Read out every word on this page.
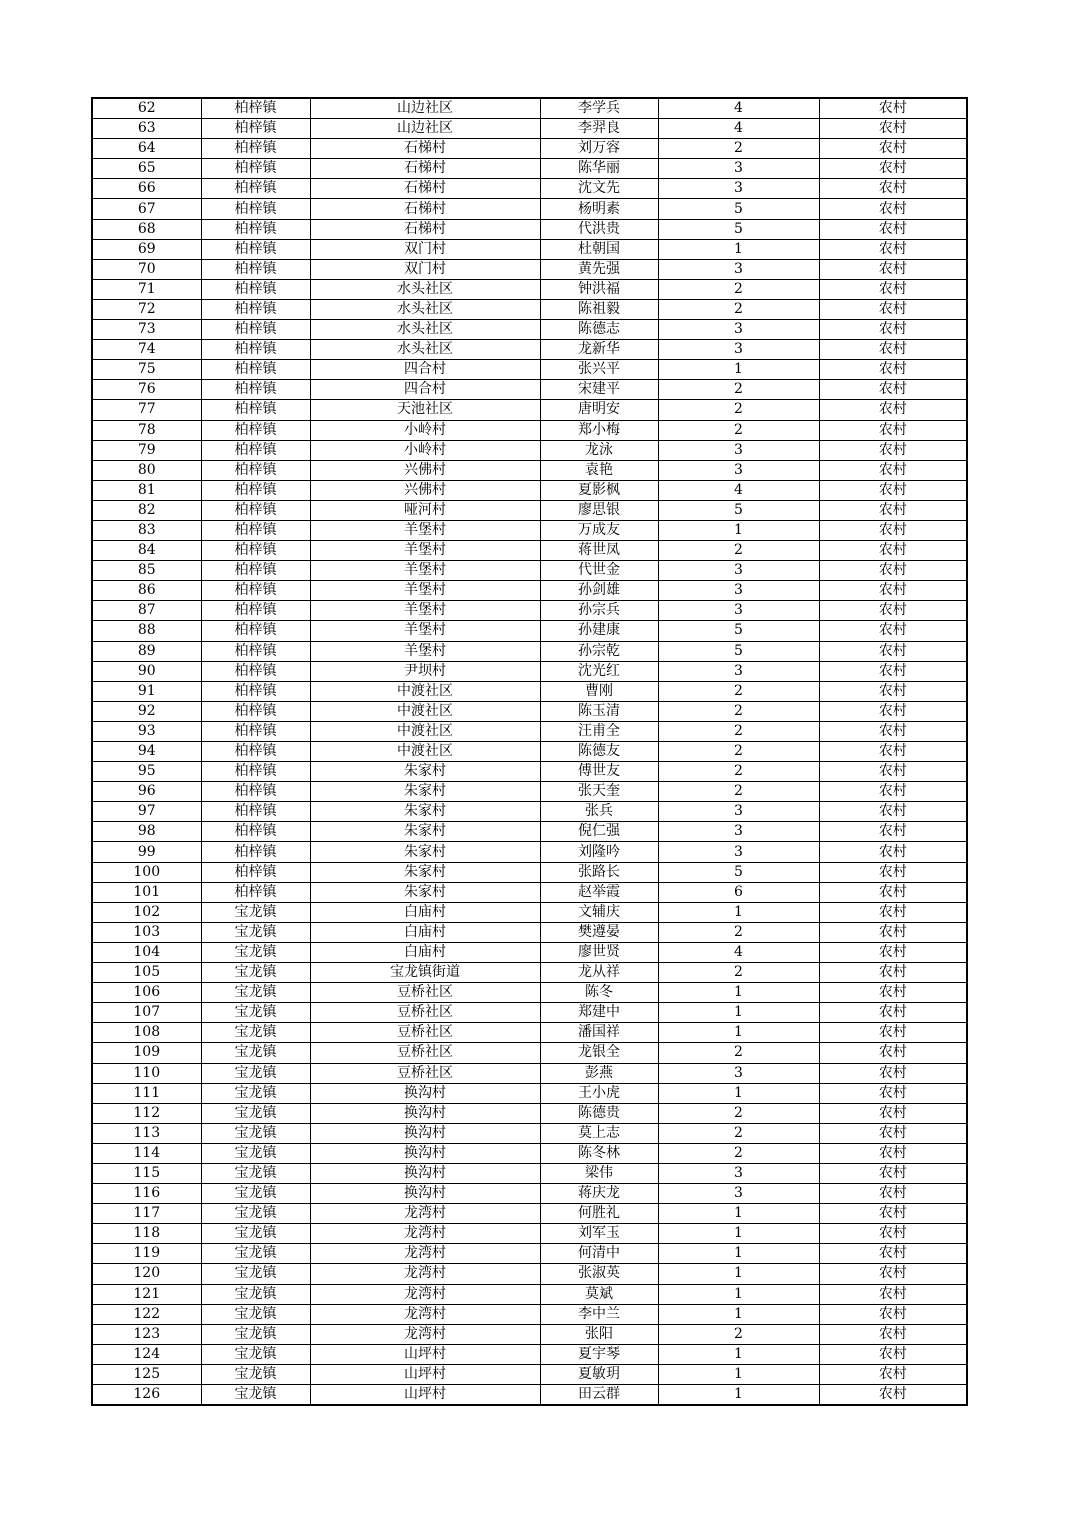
62	柏梓镇	山边社区	李学兵	4	农村
63	柏梓镇	山边社区	李羿良	4	农村
64	柏梓镇	石梯村	刘万容	2	农村
65	柏梓镇	石梯村	陈华丽	3	农村
66	柏梓镇	石梯村	沈文先	3	农村
67	柏梓镇	石梯村	杨明素	5	农村
68	柏梓镇	石梯村	代洪贵	5	农村
69	柏梓镇	双门村	杜朝国	1	农村
70	柏梓镇	双门村	黄先强	3	农村
71	柏梓镇	水头社区	钟洪福	2	农村
72	柏梓镇	水头社区	陈祖毅	2	农村
73	柏梓镇	水头社区	陈德志	3	农村
74	柏梓镇	水头社区	龙新华	3	农村
75	柏梓镇	四合村	张兴平	1	农村
76	柏梓镇	四合村	宋建平	2	农村
77	柏梓镇	天池社区	唐明安	2	农村
78	柏梓镇	小岭村	郑小梅	2	农村
79	柏梓镇	小岭村	龙泳	3	农村
80	柏梓镇	兴佛村	袁艳	3	农村
81	柏梓镇	兴佛村	夏影枫	4	农村
82	柏梓镇	哑河村	廖思银	5	农村
83	柏梓镇	羊堡村	万成友	1	农村
84	柏梓镇	羊堡村	蒋世凤	2	农村
85	柏梓镇	羊堡村	代世金	3	农村
86	柏梓镇	羊堡村	孙剑雄	3	农村
87	柏梓镇	羊堡村	孙宗兵	3	农村
88	柏梓镇	羊堡村	孙建康	5	农村
89	柏梓镇	羊堡村	孙宗乾	5	农村
90	柏梓镇	尹坝村	沈光红	3	农村
91	柏梓镇	中渡社区	曹刚	2	农村
92	柏梓镇	中渡社区	陈玉清	2	农村
93	柏梓镇	中渡社区	汪甫全	2	农村
94	柏梓镇	中渡社区	陈德友	2	农村
95	柏梓镇	朱家村	傅世友	2	农村
96	柏梓镇	朱家村	张天奎	2	农村
97	柏梓镇	朱家村	张兵	3	农村
98	柏梓镇	朱家村	倪仁强	3	农村
99	柏梓镇	朱家村	刘隆吟	3	农村
100	柏梓镇	朱家村	张路长	5	农村
101	柏梓镇	朱家村	赵举霞	6	农村
102	宝龙镇	白庙村	文辅庆	1	农村
103	宝龙镇	白庙村	樊遵晏	2	农村
104	宝龙镇	白庙村	廖世贤	4	农村
105	宝龙镇	宝龙镇街道	龙从祥	2	农村
106	宝龙镇	豆桥社区	陈冬	1	农村
107	宝龙镇	豆桥社区	郑建中	1	农村
108	宝龙镇	豆桥社区	潘国祥	1	农村
109	宝龙镇	豆桥社区	龙银全	2	农村
110	宝龙镇	豆桥社区	彭燕	3	农村
111	宝龙镇	换沟村	王小虎	1	农村
112	宝龙镇	换沟村	陈德贵	2	农村
113	宝龙镇	换沟村	莫上志	2	农村
114	宝龙镇	换沟村	陈冬林	2	农村
115	宝龙镇	换沟村	梁伟	3	农村
116	宝龙镇	换沟村	蒋庆龙	3	农村
117	宝龙镇	龙湾村	何胜礼	1	农村
118	宝龙镇	龙湾村	刘军玉	1	农村
119	宝龙镇	龙湾村	何清中	1	农村
120	宝龙镇	龙湾村	张淑英	1	农村
121	宝龙镇	龙湾村	莫斌	1	农村
122	宝龙镇	龙湾村	李中兰	1	农村
123	宝龙镇	龙湾村	张阳	2	农村
124	宝龙镇	山坪村	夏宇琴	1	农村
125	宝龙镇	山坪村	夏敏玥	1	农村
126	宝龙镇	山坪村	田云群	1	农村
